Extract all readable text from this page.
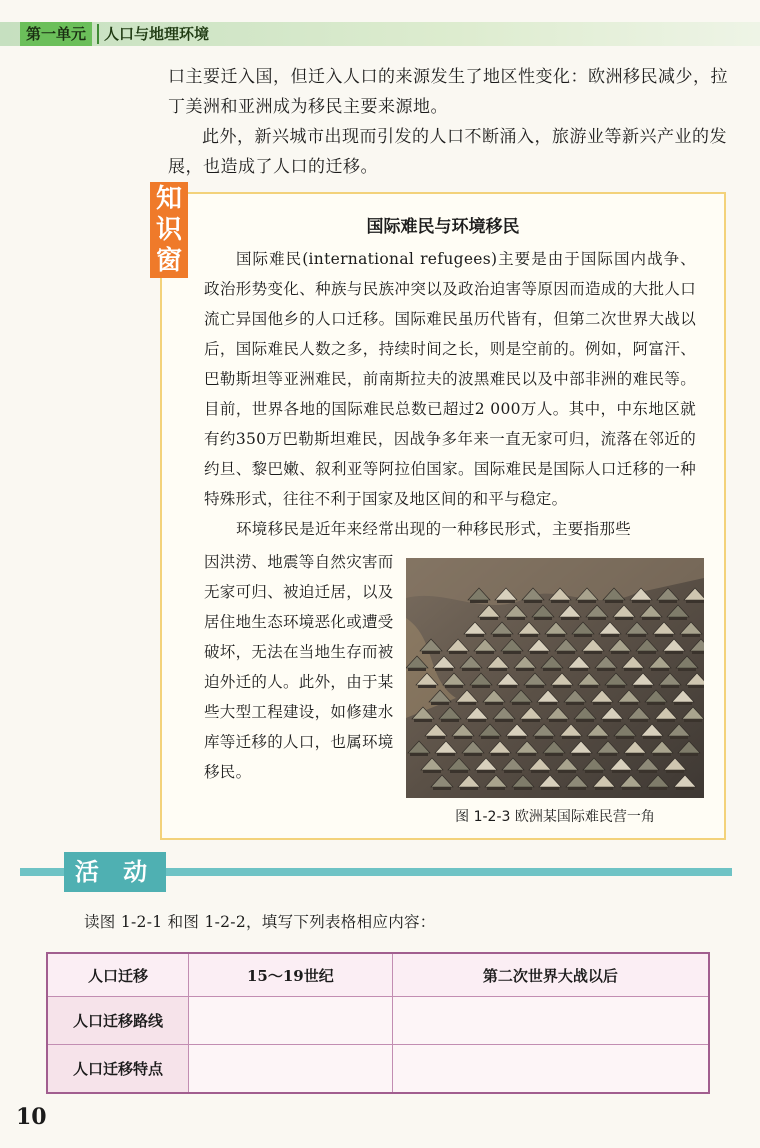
第一单元	人口与地理环境

口主要迁入国，但迁入人口的来源发生了地区性变化：欧洲移民减少，拉丁美洲和亚洲成为移民主要来源地。

此外，新兴城市出现而引发的人口不断涌入，旅游业等新兴产业的发展，也造成了人口的迁移。

知识窗
国际难民与环境移民

国际难民(international refugees)主要是由于国际国内战争、政治形势变化、种族与民族冲突以及政治迫害等原因而造成的大批人口流亡异国他乡的人口迁移。国际难民虽历代皆有，但第二次世界大战以后，国际难民人数之多，持续时间之长，则是空前的。例如，阿富汗、巴勒斯坦等亚洲难民，前南斯拉夫的波黑难民以及中部非洲的难民等。目前，世界各地的国际难民总数已超过2 000万人。其中，中东地区就有约350万巴勒斯坦难民，因战争多年来一直无家可归，流落在邻近的约旦、黎巴嫩、叙利亚等阿拉伯国家。国际难民是国际人口迁移的一种特殊形式，往往不利于国家及地区间的和平与稳定。

环境移民是近年来经常出现的一种移民形式，主要指那些

因洪涝、地震等自然灾害而无家可归、被迫迁居，以及居住地生态环境恶化或遭受破坏，无法在当地生存而被迫外迁的人。此外，由于某些大型工程建设，如修建水库等迁移的人口，也属环境移民。

图 1-2-3 欧洲某国际难民营一角
活 动
读图 1-2-1 和图 1-2-2，填写下列表格相应内容：
人口迁移	15～19世纪	第二次世界大战以后
人口迁移路线		
人口迁移特点		
10
